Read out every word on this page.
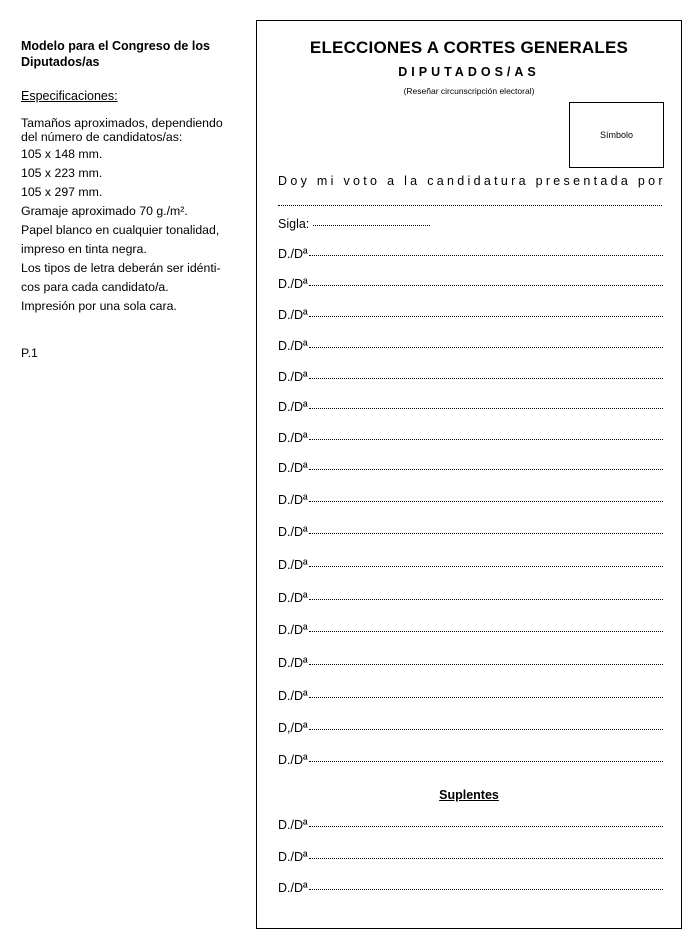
Modelo para el Congreso de los Diputados/as
Especificaciones:
Tamaños aproximados, dependiendo
del número de candidatos/as:
105 x 148 mm.
105 x 223 mm.
105 x 297 mm.
Gramaje aproximado 70 g./m².
Papel blanco en cualquier tonalidad,
impreso en tinta negra.
Los tipos de letra deberán ser idénti-
cos para cada candidato/a.
Impresión por una sola cara.
P.1
ELECCIONES A CORTES GENERALES
DIPUTADOS/AS
(Reseñar circunscripción electoral)
Símbolo
Doy mi voto a la candidatura presentada por
Sigla:
D./Dª
D./Dª
D./Dª
D./Dª
D./Dª
D./Dª
D./Dª
D./Dª
D./Dª
D./Dª
D./Dª
D./Dª
D./Dª
D./Dª
D./Dª
D,/Dª
D./Dª
Suplentes
D./Dª
D./Dª
D./Dª
